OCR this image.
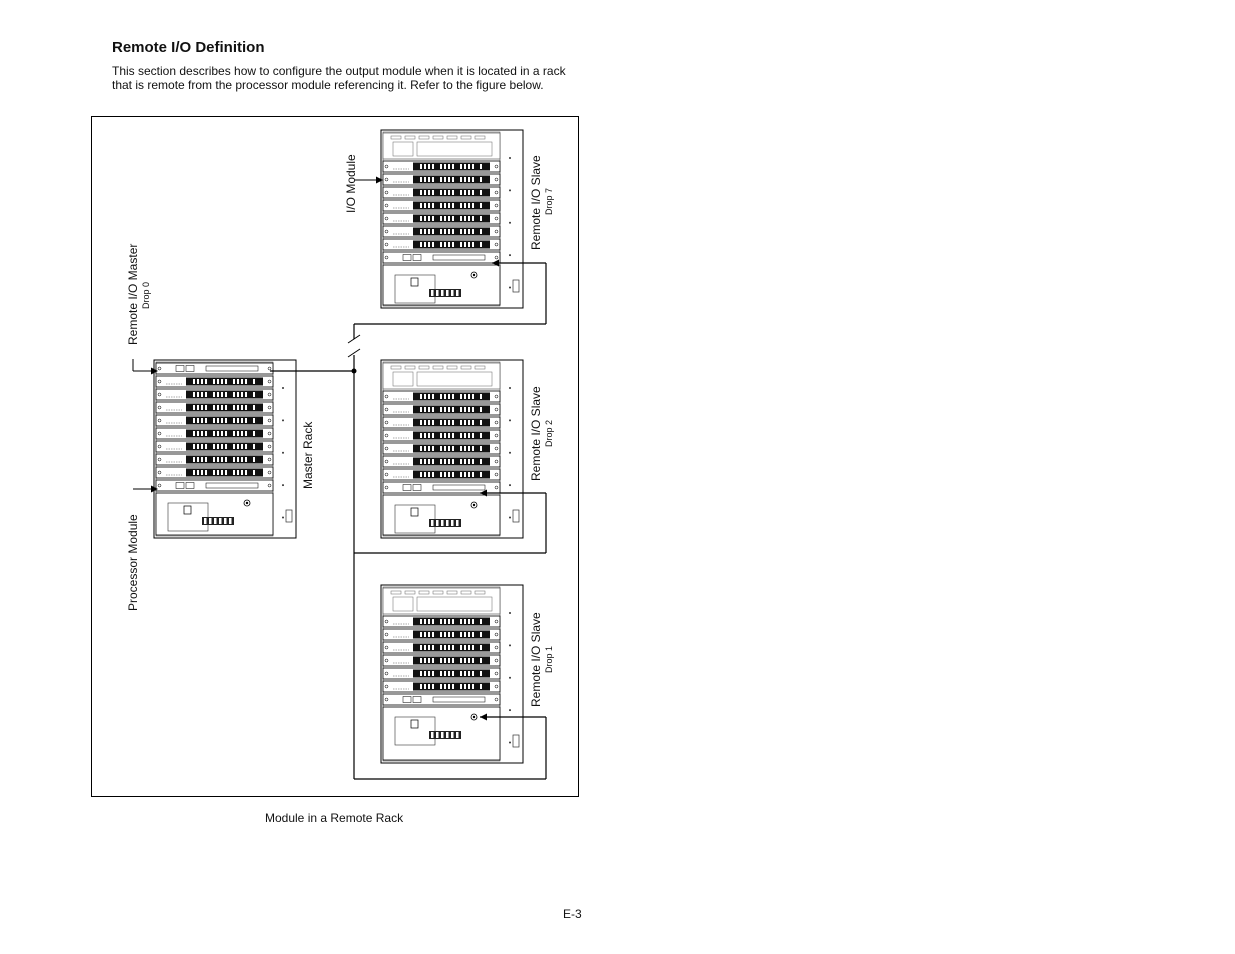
Remote I/O Definition

This section describes how to configure the output module when it is located in a rack that is remote from the processor module referencing it. Refer to the figure below.

Remote I/O Master Drop 0
Processor Module
Master Rack
I/O Module	Remote I/O Slave Drop 7
Remote I/O Slave Drop 2
Remote I/O Slave Drop 1
Module in a Remote Rack
E-3
